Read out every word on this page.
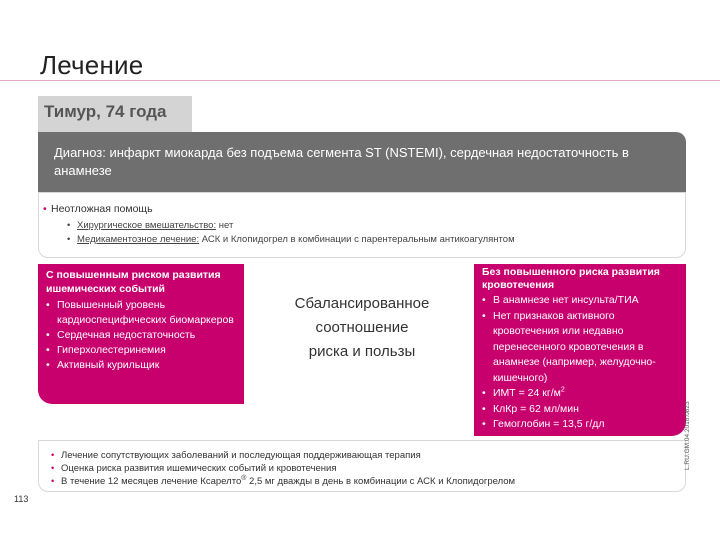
Лечение
Тимур, 74 года
Диагноз: инфаркт миокарда без подъема сегмента ST (NSTEMI), сердечная недостаточность в анамнезе
• Неотложная помощь
• Хирургическое вмешательство: нет
• Медикаментозное лечение: АСК и Клопидогрел в комбинации с парентеральным антикоагулянтом
С повышенным риском развития ишемических событий
• Повышенный уровень кардиоспецифических биомаркеров
• Сердечная недостаточность
• Гиперхолестеринемия
• Активный курильщик
Сбалансированное
соотношение
риска и пользы
Без повышенного риска развития кровотечения
• В анамнезе нет инсульта/ТИА
• Нет признаков активного кровотечения или недавно перенесенного кровотечения в анамнезе (например, желудочно-кишечного)
• ИМТ = 24 $кг/м^2$
• КлКр = 62 мл/мин
• Гемоглобин = 13,5 г/дл
• Лечение сопутствующих заболеваний и последующая поддерживающая терапия
• Оценка риска развития ишемических событий и кровотечения
• В течение 12 месяцев лечение Ксарелто® 2,5 мг дважды в день в комбинации с АСК и Клопидогрелом
L.RU.GM.04.2016.0823
113
